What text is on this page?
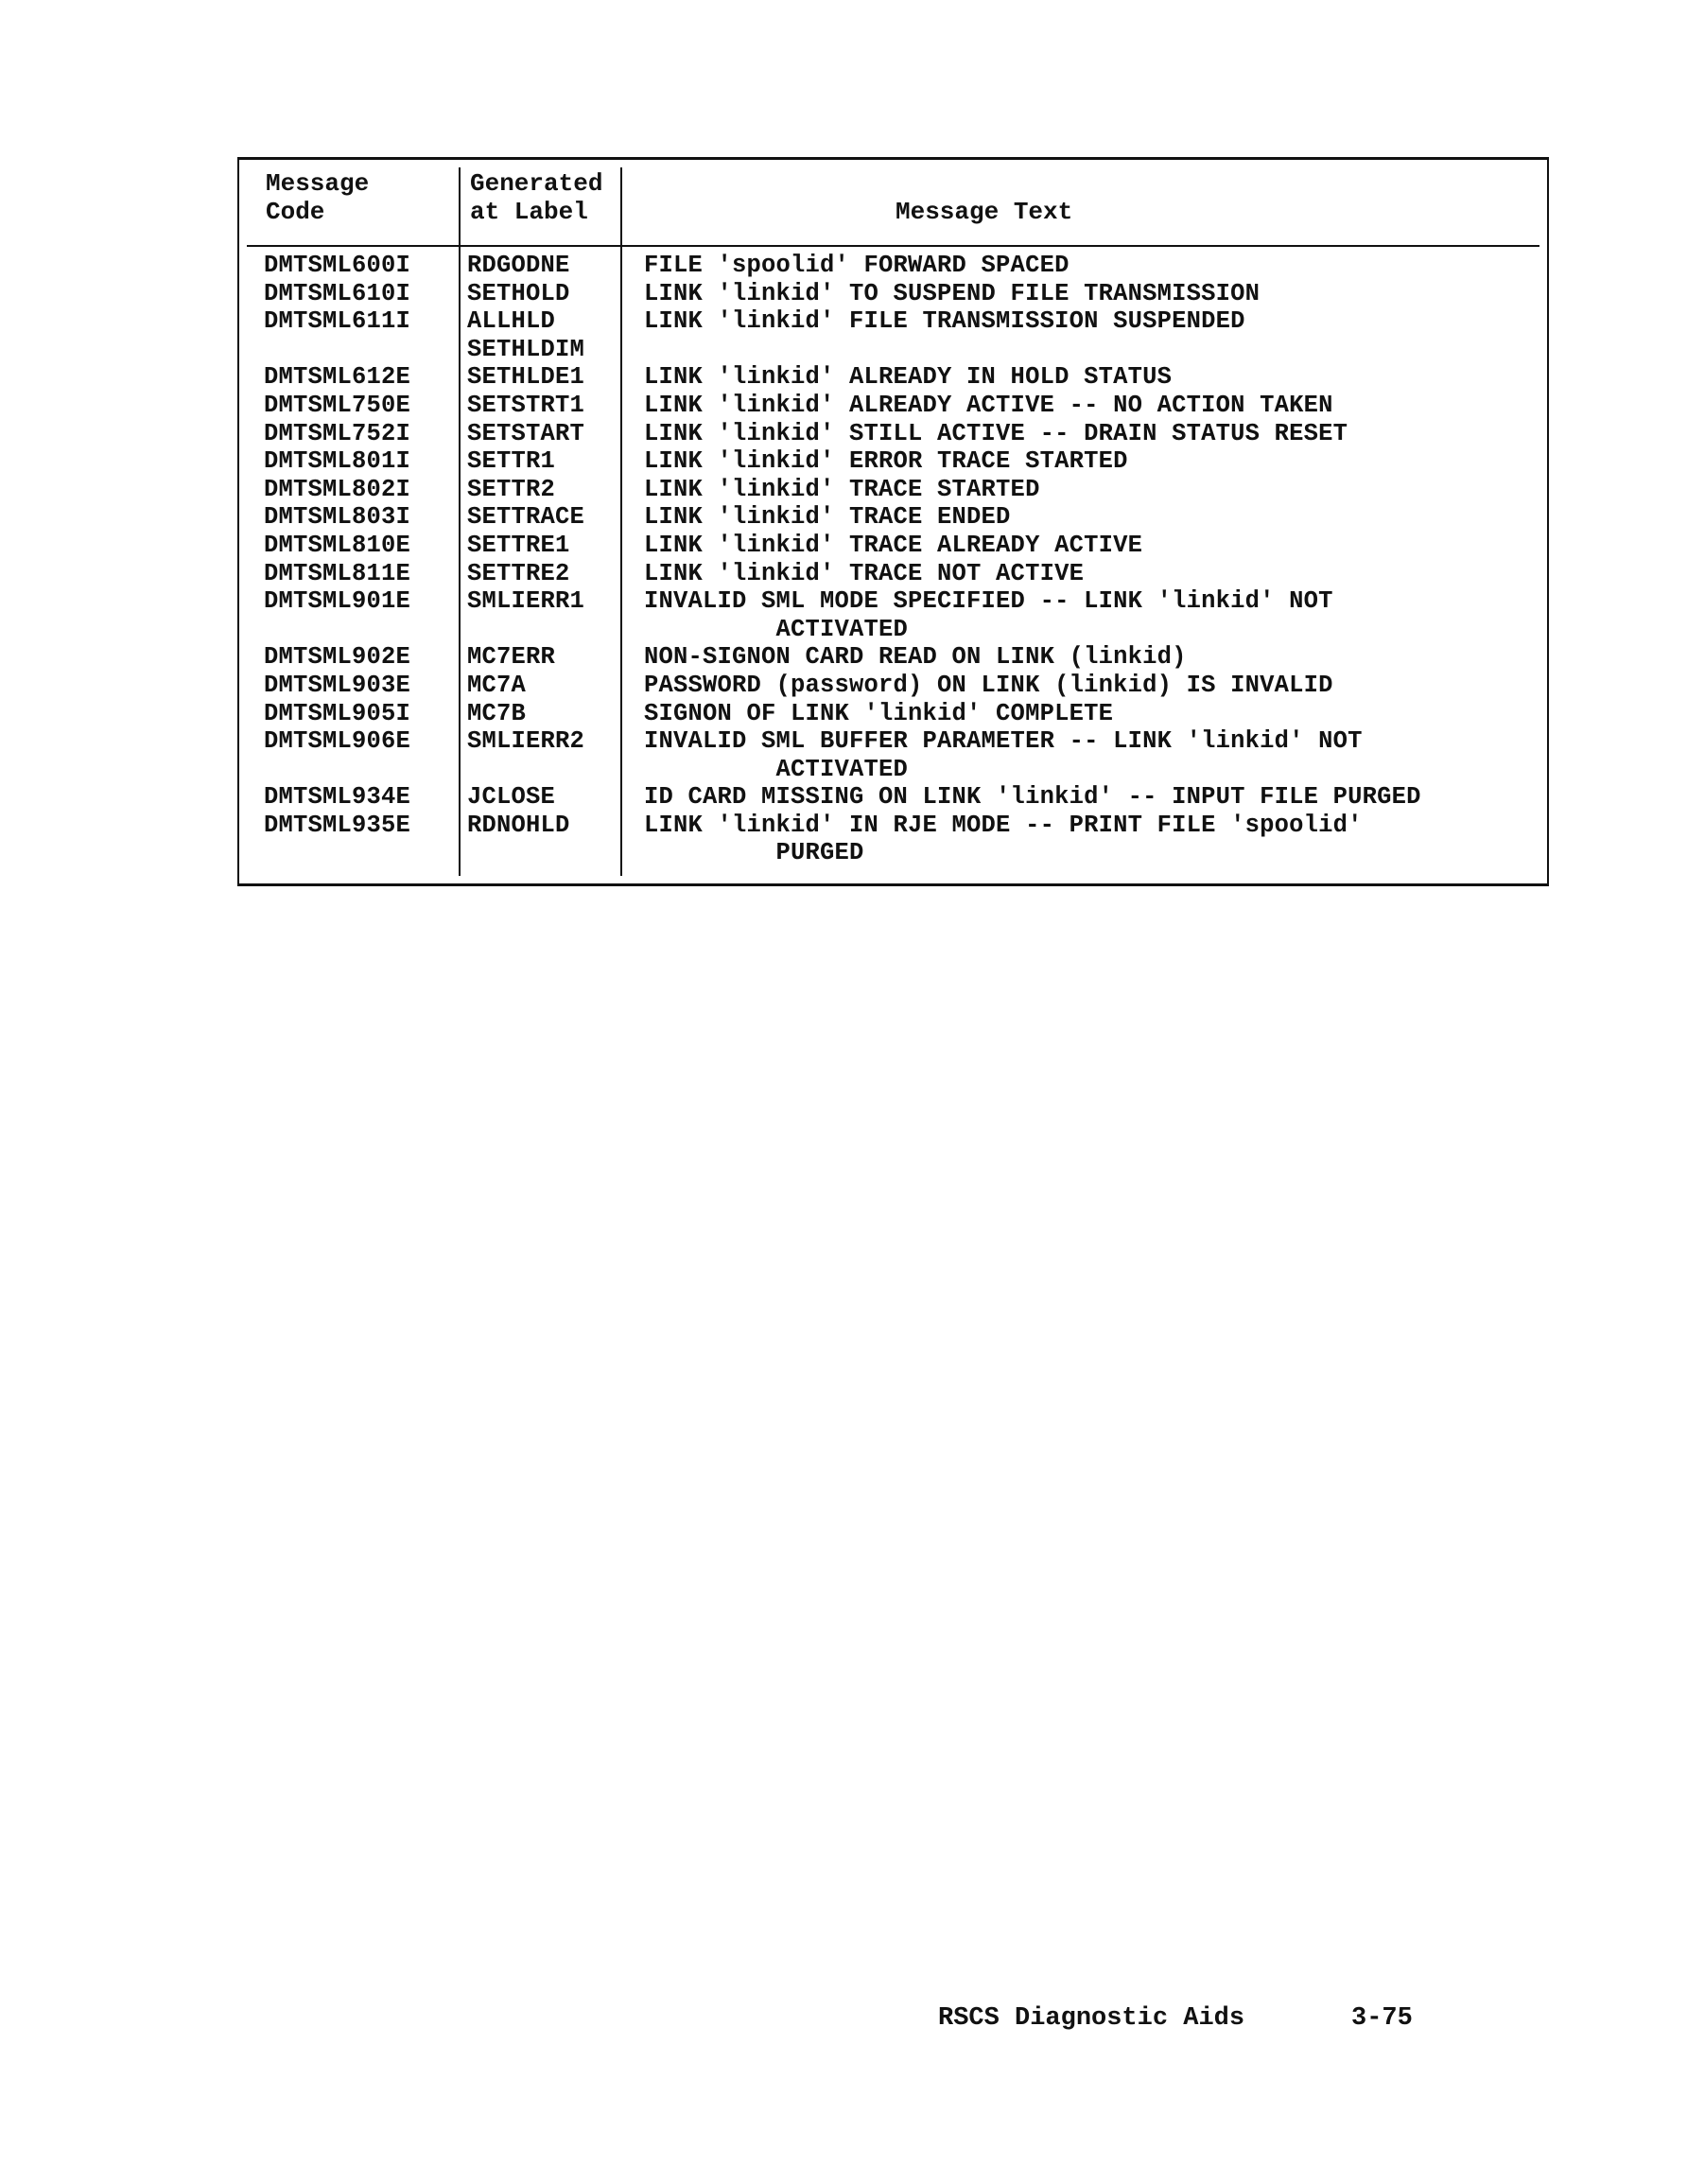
Message
Code
Generated
at Label	Message Text
DMTSML600I
DMTSML610I
DMTSML611I
DMTSML612E
DMTSML750E
DMTSML752I
DMTSML801I
DMTSML802I
DMTSML803I
DMTSML810E
DMTSML811E
DMTSML901E
DMTSML902E
DMTSML903E
DMTSML905I
DMTSML906E
DMTSML934E
DMTSML935E
RDGODNE
SETHOLD
ALLHLD
SETHLDIM
SETHLDE1
SETSTRT1
SETSTART
SETTR1
SETTR2
SETTRACE
SETTRE1
SETTRE2
SMLIERR1
MC7ERR
MC7A
MC7B
SMLIERR2
JCLOSE
RDNOHLD
FILE 'spoolid' FORWARD SPACED
LINK 'linkid' TO SUSPEND FILE TRANSMISSION
LINK 'linkid' FILE TRANSMISSION SUSPENDED
LINK 'linkid' ALREADY IN HOLD STATUS
LINK 'linkid' ALREADY ACTIVE -- NO ACTION TAKEN
LINK 'linkid' STILL ACTIVE -- DRAIN STATUS RESET
LINK 'linkid' ERROR TRACE STARTED
LINK 'linkid' TRACE STARTED
LINK 'linkid' TRACE ENDED
LINK 'linkid' TRACE ALREADY ACTIVE
LINK 'linkid' TRACE NOT ACTIVE
INVALID SML MODE SPECIFIED -- LINK 'linkid' NOT
ACTIVATED
NON-SIGNON CARD READ ON LINK (linkid)
PASSWORD (password) ON LINK (linkid) IS INVALID
SIGNON OF LINK 'linkid' COMPLETE
INVALID SML BUFFER PARAMETER -- LINK 'linkid' NOT
ACTIVATED
ID CARD MISSING ON LINK 'linkid' -- INPUT FILE PURGED
LINK 'linkid' IN RJE MODE -- PRINT FILE 'spoolid'
PURGED

RSCS Diagnostic Aids

	3-75
